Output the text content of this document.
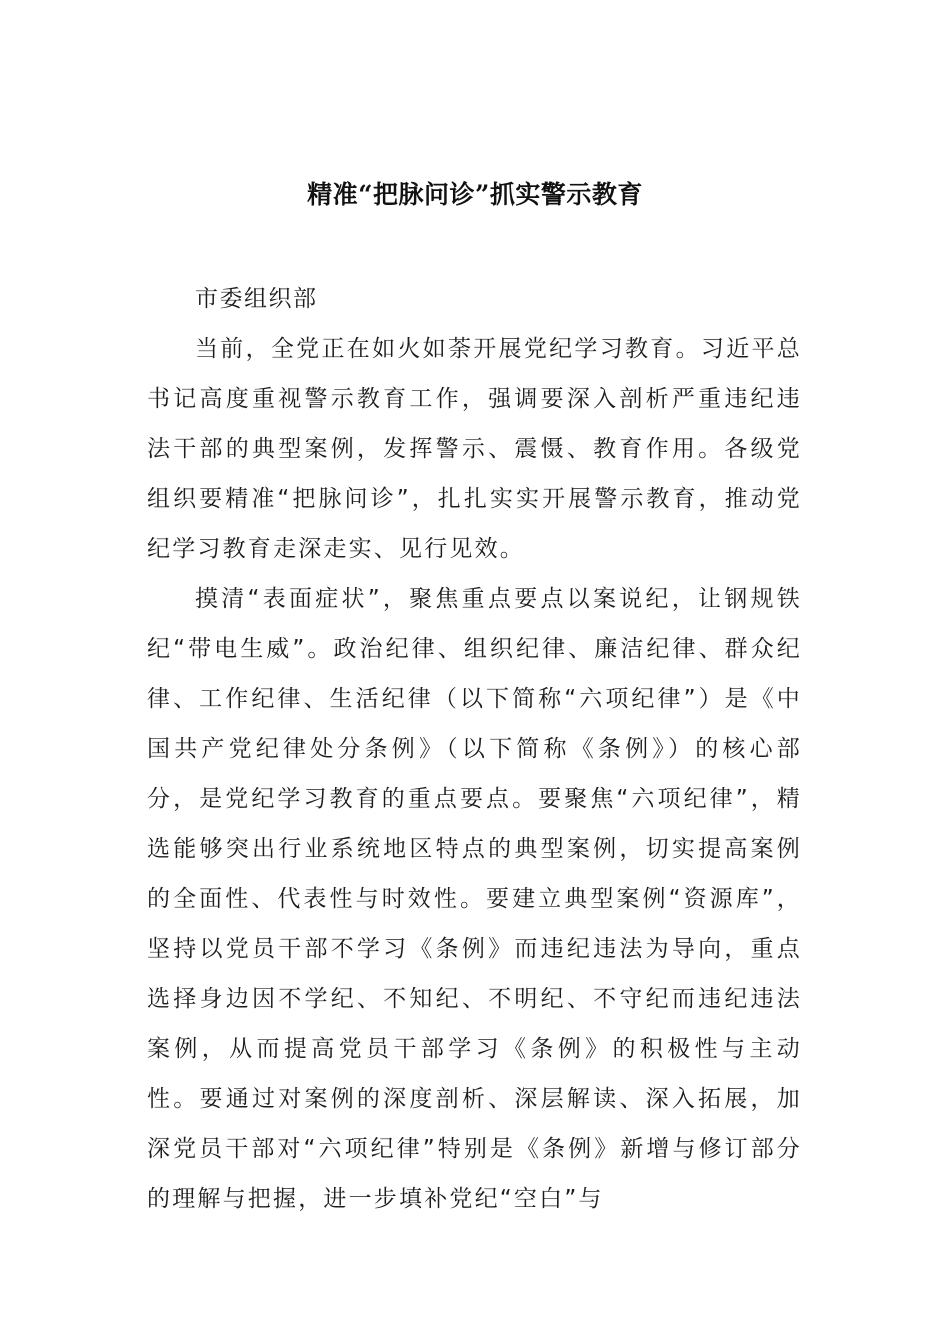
精准“把脉问诊”抓实警示教育

市委组织部

当前，全党正在如火如荼开展党纪学习教育。习近平总书记高度重视警示教育工作，强调要深入剖析严重违纪违法干部的典型案例，发挥警示、震慑、教育作用。各级党组织要精准“把脉问诊”，扎扎实实开展警示教育，推动党纪学习教育走深走实、见行见效。

摸清“表面症状”，聚焦重点要点以案说纪，让钢规铁纪“带电生威”。政治纪律、组织纪律、廉洁纪律、群众纪律、工作纪律、生活纪律（以下简称“六项纪律”）是《中国共产党纪律处分条例》（以下简称《条例》）的核心部分，是党纪学习教育的重点要点。要聚焦“六项纪律”，精选能够突出行业系统地区特点的典型案例，切实提高案例的全面性、代表性与时效性。要建立典型案例“资源库”，坚持以党员干部不学习《条例》而违纪违法为导向，重点选择身边因不学纪、不知纪、不明纪、不守纪而违纪违法案例，从而提高党员干部学习《条例》的积极性与主动性。要通过对案例的深度剖析、深层解读、深入拓展，加深党员干部对“六项纪律”特别是《条例》新增与修订部分的理解与把握，进一步填补党纪“空白”与
